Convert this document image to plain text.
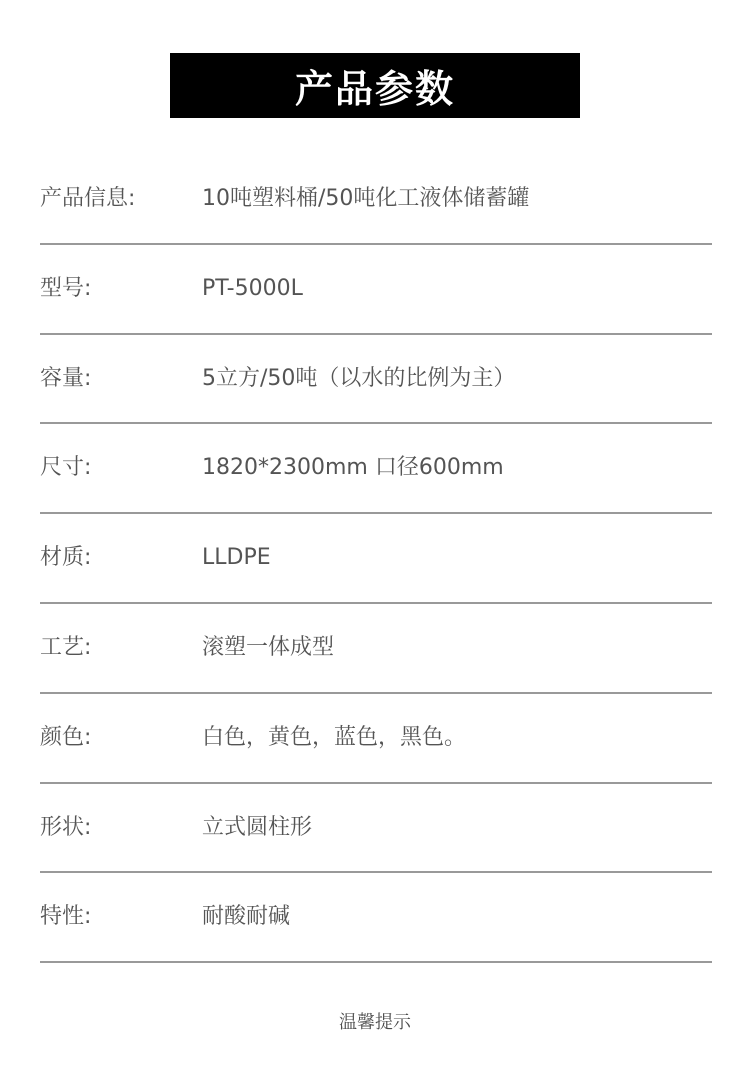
产品参数
产品信息:	10吨塑料桶/50吨化工液体储蓄罐
型号:	PT-5000L
容量:	5立方/50吨（以水的比例为主）
尺寸:	1820*2300mm 口径600mm
材质:	LLDPE
工艺:	滚塑一体成型
颜色:	白色，黄色，蓝色，黑色。
形状:	立式圆柱形
特性:	耐酸耐碱
温馨提示
